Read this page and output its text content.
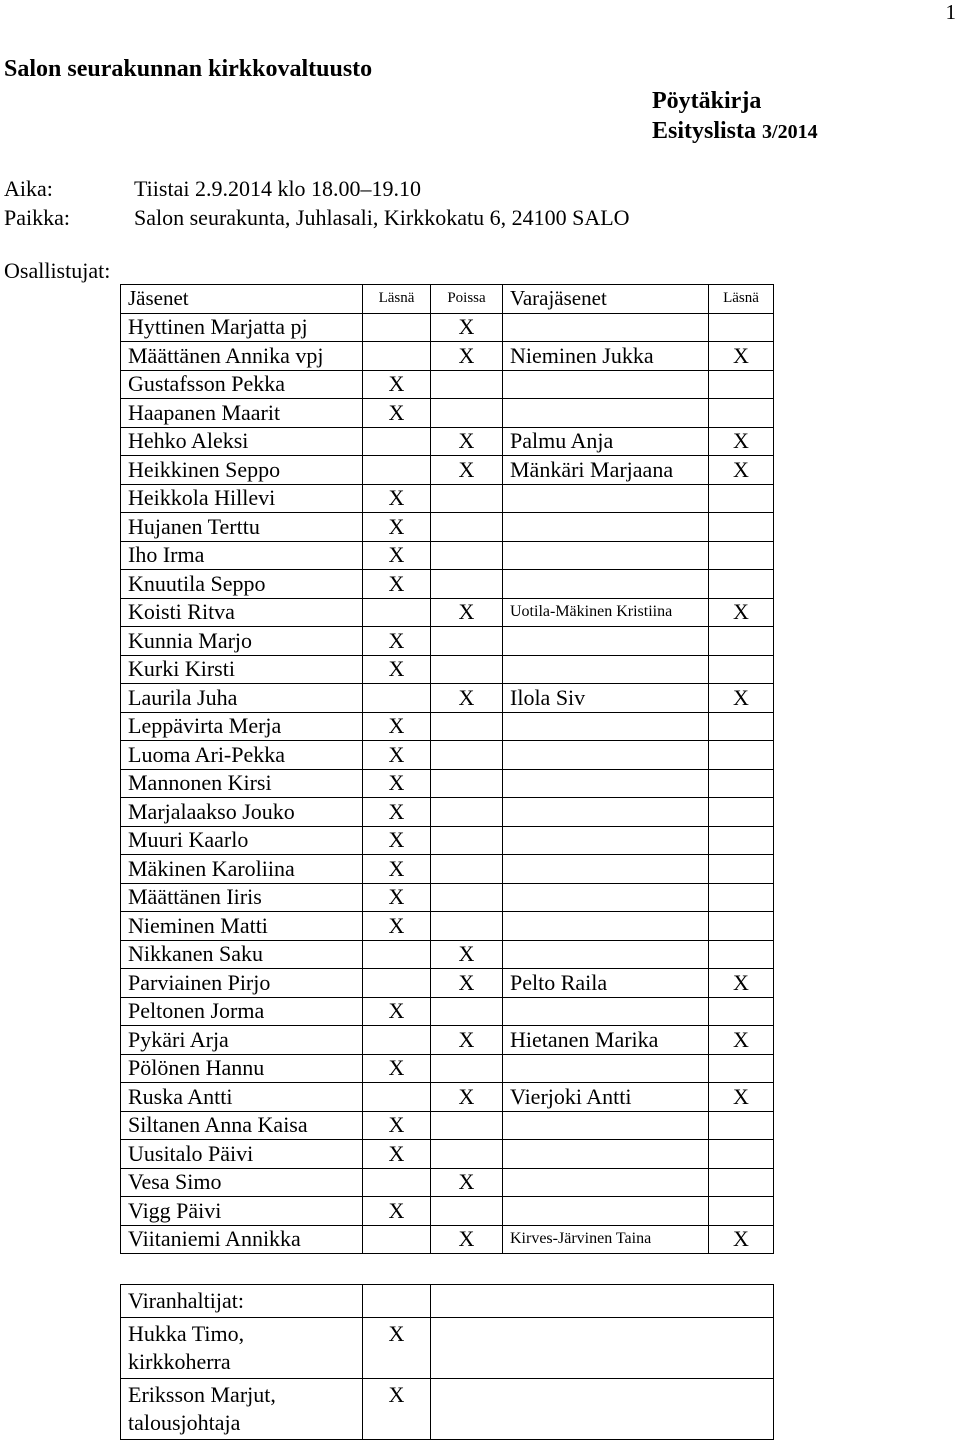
1
Salon seurakunnan kirkkovaltuusto
Pöytäkirja
Esityslista 3/2014
Aika:	Tiistai 2.9.2014 klo 18.00–19.10
Paikka:	Salon seurakunta, Juhlasali, Kirkkokatu 6, 24100 SALO
Osallistujat:
Jäsenet	Läsnä	Poissa	Varajäsenet	Läsnä
Hyttinen Marjatta pj		X		
Määttänen Annika vpj		X	Nieminen Jukka	X
Gustafsson Pekka	X			
Haapanen Maarit	X			
Hehko Aleksi		X	Palmu Anja	X
Heikkinen Seppo		X	Mänkäri Marjaana	X
Heikkola Hillevi	X			
Hujanen Terttu	X			
Iho Irma	X			
Knuutila Seppo	X			
Koisti Ritva		X	Uotila-Mäkinen Kristiina	X
Kunnia Marjo	X			
Kurki Kirsti	X			
Laurila Juha		X	Ilola Siv	X
Leppävirta Merja	X			
Luoma Ari-Pekka	X			
Mannonen Kirsi	X			
Marjalaakso Jouko	X			
Muuri Kaarlo	X			
Mäkinen Karoliina	X			
Määttänen Iiris	X			
Nieminen Matti	X			
Nikkanen Saku		X		
Parviainen Pirjo		X	Pelto Raila	X
Peltonen Jorma	X			
Pykäri Arja		X	Hietanen Marika	X
Pölönen Hannu	X			
Ruska Antti		X	Vierjoki Antti	X
Siltanen Anna Kaisa	X			
Uusitalo Päivi	X			
Vesa Simo		X		
Vigg Päivi	X			
Viitaniemi Annikka		X	Kirves-Järvinen Taina	X
Viranhaltijat:		

Hukka Timo,
kirkkoherra	X	

Eriksson Marjut,
talousjohtaja	X	
